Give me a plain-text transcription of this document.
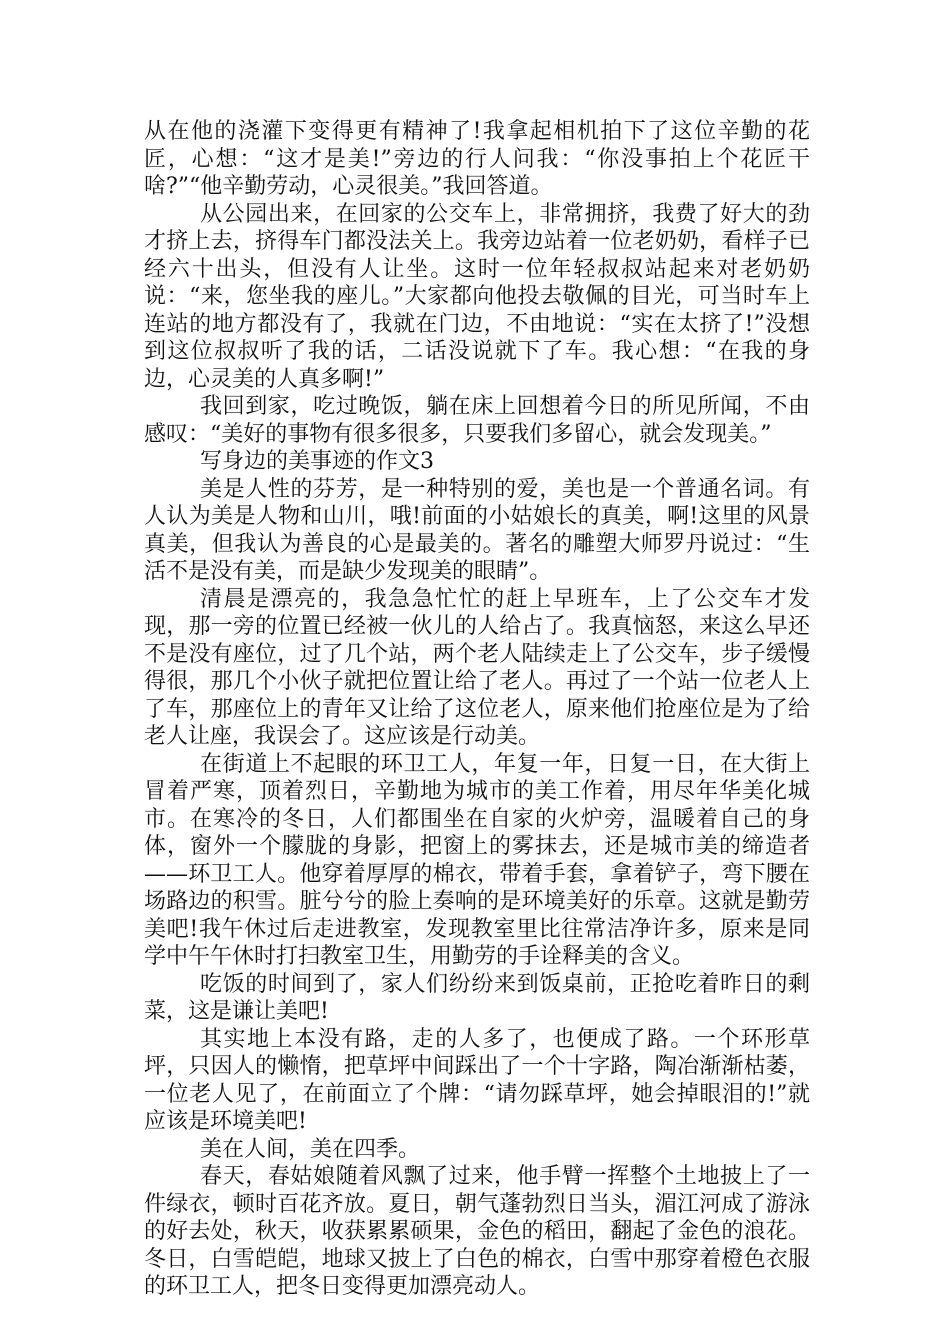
从在他的浇灌下变得更有精神了!我拿起相机拍下了这位辛勤的花匠，心想：“这才是美!”旁边的行人问我：“你没事拍上个花匠干啥?”“他辛勤劳动，心灵很美。”我回答道。

从公园出来，在回家的公交车上，非常拥挤，我费了好大的劲才挤上去，挤得车门都没法关上。我旁边站着一位老奶奶，看样子已经六十出头，但没有人让坐。这时一位年轻叔叔站起来对老奶奶说：“来，您坐我的座儿。”大家都向他投去敬佩的目光，可当时车上连站的地方都没有了，我就在门边，不由地说：“实在太挤了!”没想到这位叔叔听了我的话，二话没说就下了车。我心想：“在我的身边，心灵美的人真多啊!”

我回到家，吃过晚饭，躺在床上回想着今日的所见所闻，不由感叹：“美好的事物有很多很多，只要我们多留心，就会发现美。”

写身边的美事迹的作文3

美是人性的芬芳，是一种特别的爱，美也是一个普通名词。有人认为美是人物和山川，哦!前面的小姑娘长的真美，啊!这里的风景真美，但我认为善良的心是最美的。著名的雕塑大师罗丹说过：“生活不是没有美，而是缺少发现美的眼睛”。

清晨是漂亮的，我急急忙忙的赶上早班车，上了公交车才发现，那一旁的位置已经被一伙儿的人给占了。我真恼怒，来这么早还不是没有座位，过了几个站，两个老人陆续走上了公交车，步子缓慢得很，那几个小伙子就把位置让给了老人。再过了一个站一位老人上了车，那座位上的青年又让给了这位老人，原来他们抢座位是为了给老人让座，我误会了。这应该是行动美。

在街道上不起眼的环卫工人，年复一年，日复一日，在大街上冒着严寒，顶着烈日，辛勤地为城市的美工作着，用尽年华美化城市。在寒冷的冬日，人们都围坐在自家的火炉旁，温暖着自己的身体，窗外一个朦胧的身影，把窗上的雾抹去，还是城市美的缔造者——环卫工人。他穿着厚厚的棉衣，带着手套，拿着铲子，弯下腰在场路边的积雪。脏兮兮的脸上奏响的是环境美好的乐章。这就是勤劳美吧!我午休过后走进教室，发现教室里比往常洁净许多，原来是同学中午午休时打扫教室卫生，用勤劳的手诠释美的含义。

吃饭的时间到了，家人们纷纷来到饭桌前，正抢吃着昨日的剩菜，这是谦让美吧!

其实地上本没有路，走的人多了，也便成了路。一个环形草坪，只因人的懒惰，把草坪中间踩出了一个十字路，陶冶渐渐枯萎，一位老人见了，在前面立了个牌：“请勿踩草坪，她会掉眼泪的!”就应该是环境美吧!

美在人间，美在四季。

春天，春姑娘随着风飘了过来，他手臂一挥整个土地披上了一件绿衣，顿时百花齐放。夏日，朝气蓬勃烈日当头，湄江河成了游泳的好去处，秋天，收获累累硕果，金色的稻田，翻起了金色的浪花。冬日，白雪皑皑，地球又披上了白色的棉衣，白雪中那穿着橙色衣服的环卫工人，把冬日变得更加漂亮动人。
